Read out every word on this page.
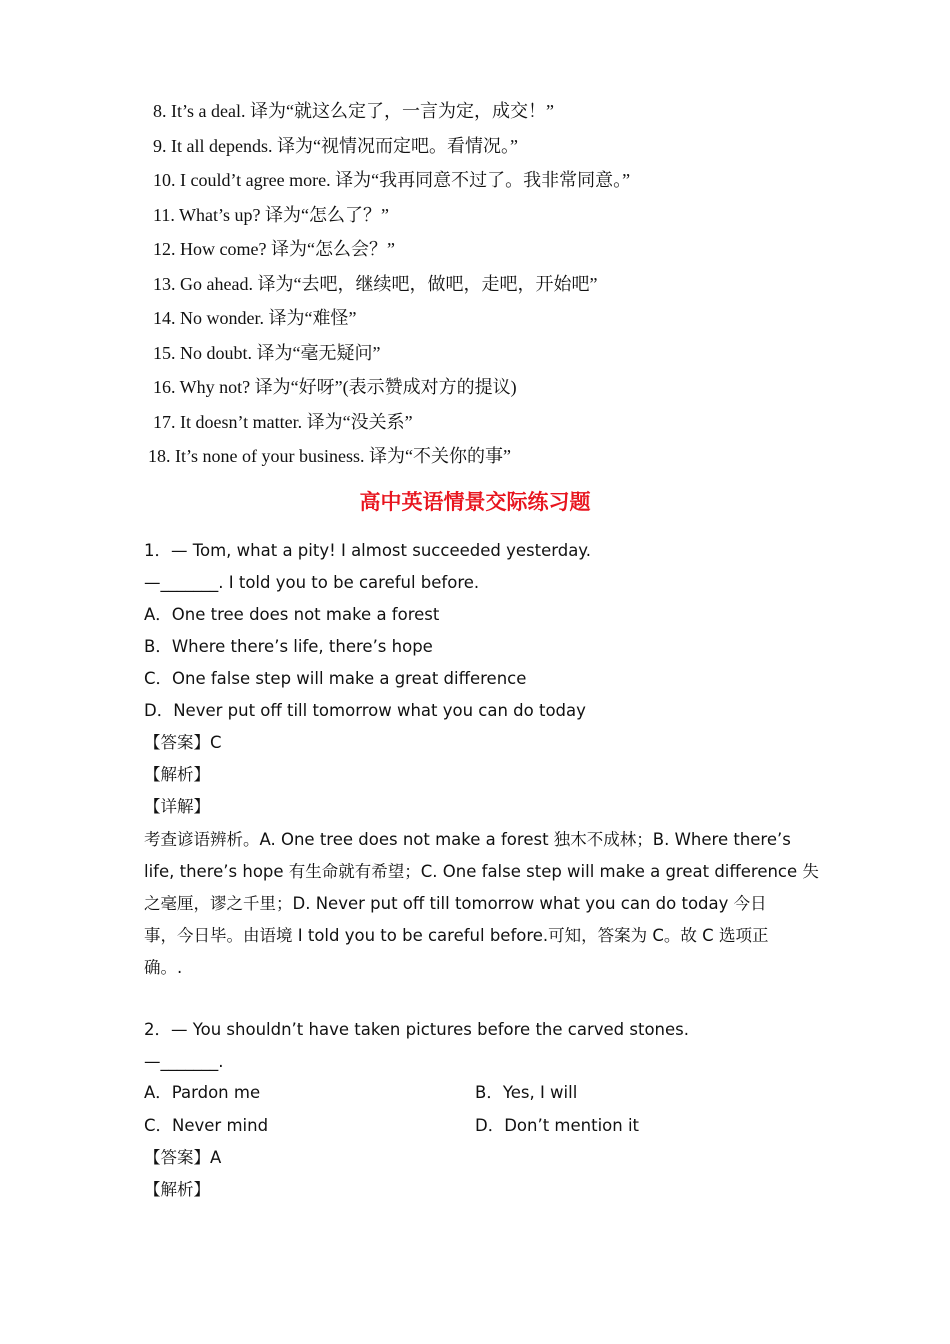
8. It’s a deal. 译为“就这么定了，一言为定，成交！”
9. It all depends. 译为“视情况而定吧。看情况。”
10. I could’t agree more. 译为“我再同意不过了。我非常同意。”
11. What’s up? 译为“怎么了？”
12. How come? 译为“怎么会？”
13. Go ahead. 译为“去吧，继续吧，做吧，走吧，开始吧”
14. No wonder. 译为“难怪”
15. No doubt. 译为“毫无疑问”
16. Why not? 译为“好呀”(表示赞成对方的提议)
17. It doesn’t matter. 译为“没关系”
18. It’s none of your business. 译为“不关你的事”
高中英语情景交际练习题
1．— Tom, what a pity! I almost succeeded yesterday.
—_______. I told you to be careful before.
A．One tree does not make a forest
B．Where there’s life, there’s hope
C．One false step will make a great difference
D．Never put off till tomorrow what you can do today
【答案】C
【解析】
【详解】
考查谚语辨析。A. One tree does not make a forest 独木不成林；B. Where there’s
life, there’s hope 有生命就有希望；C. One false step will make a great difference 失
之毫厘，谬之千里；D. Never put off till tomorrow what you can do today 今日
事，今日毕。由语境 I told you to be careful before.可知，答案为 C。故 C 选项正
确。.
2．— You shouldn’t have taken pictures before the carved stones.
—_______.
A．Pardon me	B．Yes, I will
C．Never mind	D．Don’t mention it
【答案】A
【解析】
